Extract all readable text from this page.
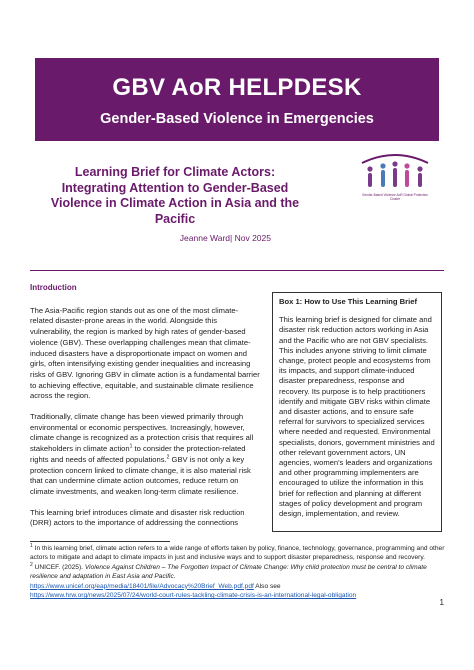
GBV AoR HELPDESK
Gender-Based Violence in Emergencies
Learning Brief for Climate Actors: Integrating Attention to Gender-Based Violence in Climate Action in Asia and the Pacific
Jeanne Ward| Nov 2025
Gender-Based Violence AoR Global Protection Cluster
Introduction

The Asia-Pacific region stands out as one of the most climate-related disaster-prone areas in the world. Alongside this vulnerability, the region is marked by high rates of gender-based violence (GBV). These overlapping challenges mean that climate-induced disasters have a disproportionate impact on women and girls, often intensifying existing gender inequalities and increasing risks of GBV. Ignoring GBV in climate action is a fundamental barrier to achieving effective, equitable, and sustainable climate resilience across the region.

Traditionally, climate change has been viewed primarily through environmental or economic perspectives. Increasingly, however, climate change is recognized as a protection crisis that requires all stakeholders in climate action$^1$ to consider the protection-related rights and needs of affected populations.$^2$ GBV is not only a key protection concern linked to climate change, it is also material risk that can undermine climate action outcomes, reduce return on climate investments, and weaken long-term climate resilience.

This learning brief introduces climate and disaster risk reduction (DRR) actors to the importance of addressing the connections

Box 1: How to Use This Learning Brief
This learning brief is designed for climate and disaster risk reduction actors working in Asia and the Pacific who are not GBV specialists. This includes anyone striving to limit climate change, protect people and ecosystems from its impacts, and support climate-induced disaster preparedness, response and recovery. Its purpose is to help practitioners identify and mitigate GBV risks within climate and disaster actions, and to ensure safe referral for survivors to specialized services where needed and requested. Environmental specialists, donors, government ministries and other relevant government actors, UN agencies, women's leaders and organizations and other programming implementers are encouraged to utilize the information in this brief for reflection and planning at different stages of policy development and program design, implementation, and review.
$^1$ In this learning brief, climate action refers to a wide range of efforts taken by policy, finance, technology, governance, programming and other actors to mitigate and adapt to climate impacts in just and inclusive ways and to support disaster preparedness, response and recovery.
$^2$ UNICEF. (2025). Violence Against Children – The Forgotten Impact of Climate Change: Why child protection must be central to climate resilience and adaptation in East Asia and Pacific.
https://www.unicef.org/eap/media/18401/file/Advocacy%20Brief_Web.pdf.pdf Also see
https://www.hrw.org/news/2025/07/24/world-court-rules-tackling-climate-crisis-is-an-international-legal-obligation
1
